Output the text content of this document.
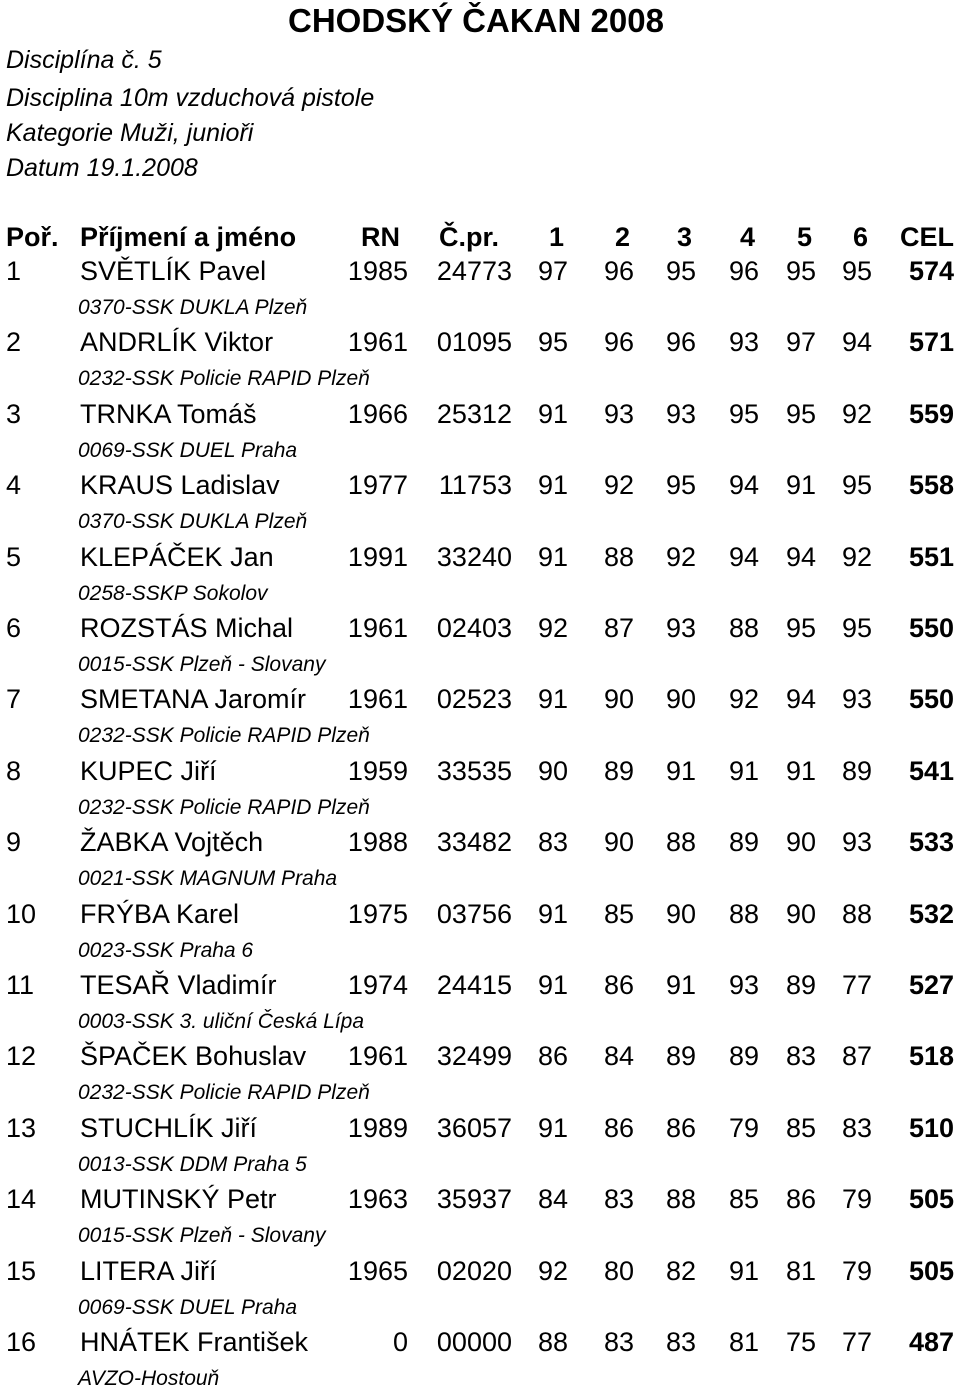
CHODSKÝ ČAKAN 2008
Disciplína č. 5
Disciplina 10m vzduchová pistole
Kategorie Muži, junioři
Datum 19.1.2008
Poř. Příjmení a jméno RN Č.pr. 1 2 3 4 5 6 CEL
1 SVĚTLÍK Pavel	1985 24773 97 96 95 96 95 95 574
0370-SSK DUKLA Plzeň
2 ANDRLÍK Viktor	1961 01095 95 96 96 93 97 94 571
0232-SSK Policie RAPID Plzeň
3 TRNKA Tomáš	1966 25312 91 93 93 95 95 92 559
0069-SSK DUEL Praha
4 KRAUS Ladislav	1977 11753 91 92 95 94 91 95 558
0370-SSK DUKLA Plzeň
5 KLEPÁČEK Jan	1991 33240 91 88 92 94 94 92 551
0258-SSKP Sokolov
6 ROZSTÁS Michal 1961 02403 92 87 93 88 95 95 550
0015-SSK Plzeň - Slovany
7 SMETANA Jaromír 1961 02523 91 90 90 92 94 93 550
0232-SSK Policie RAPID Plzeň
8 KUPEC Jiří	1959 33535 90 89 91 91 91 89 541
0232-SSK Policie RAPID Plzeň
9 ŽABKA Vojtěch	1988 33482 83 90 88 89 90 93 533
0021-SSK MAGNUM Praha
10 FRÝBA Karel	1975 03756 91 85 90 88 90 88 532
0023-SSK Praha 6
11 TESAŘ Vladimír	1974 24415 91 86 91 93 89 77 527
0003-SSK 3. uliční Česká Lípa
12 ŠPAČEK Bohuslav 1961 32499 86 84 89 89 83 87 518
0232-SSK Policie RAPID Plzeň
13 STUCHLÍK Jiří	1989 36057 91 86 86 79 85 83 510
0013-SSK DDM Praha 5
14 MUTINSKÝ Petr	1963 35937 84 83 88 85 86 79 505
0015-SSK Plzeň - Slovany
15 LITERA Jiří	1965 02020 92 80 82 91 81 79 505
0069-SSK DUEL Praha
16 HNÁTEK František	0 00000 88 83 83 81 75 77 487
AVZO-Hostouň
